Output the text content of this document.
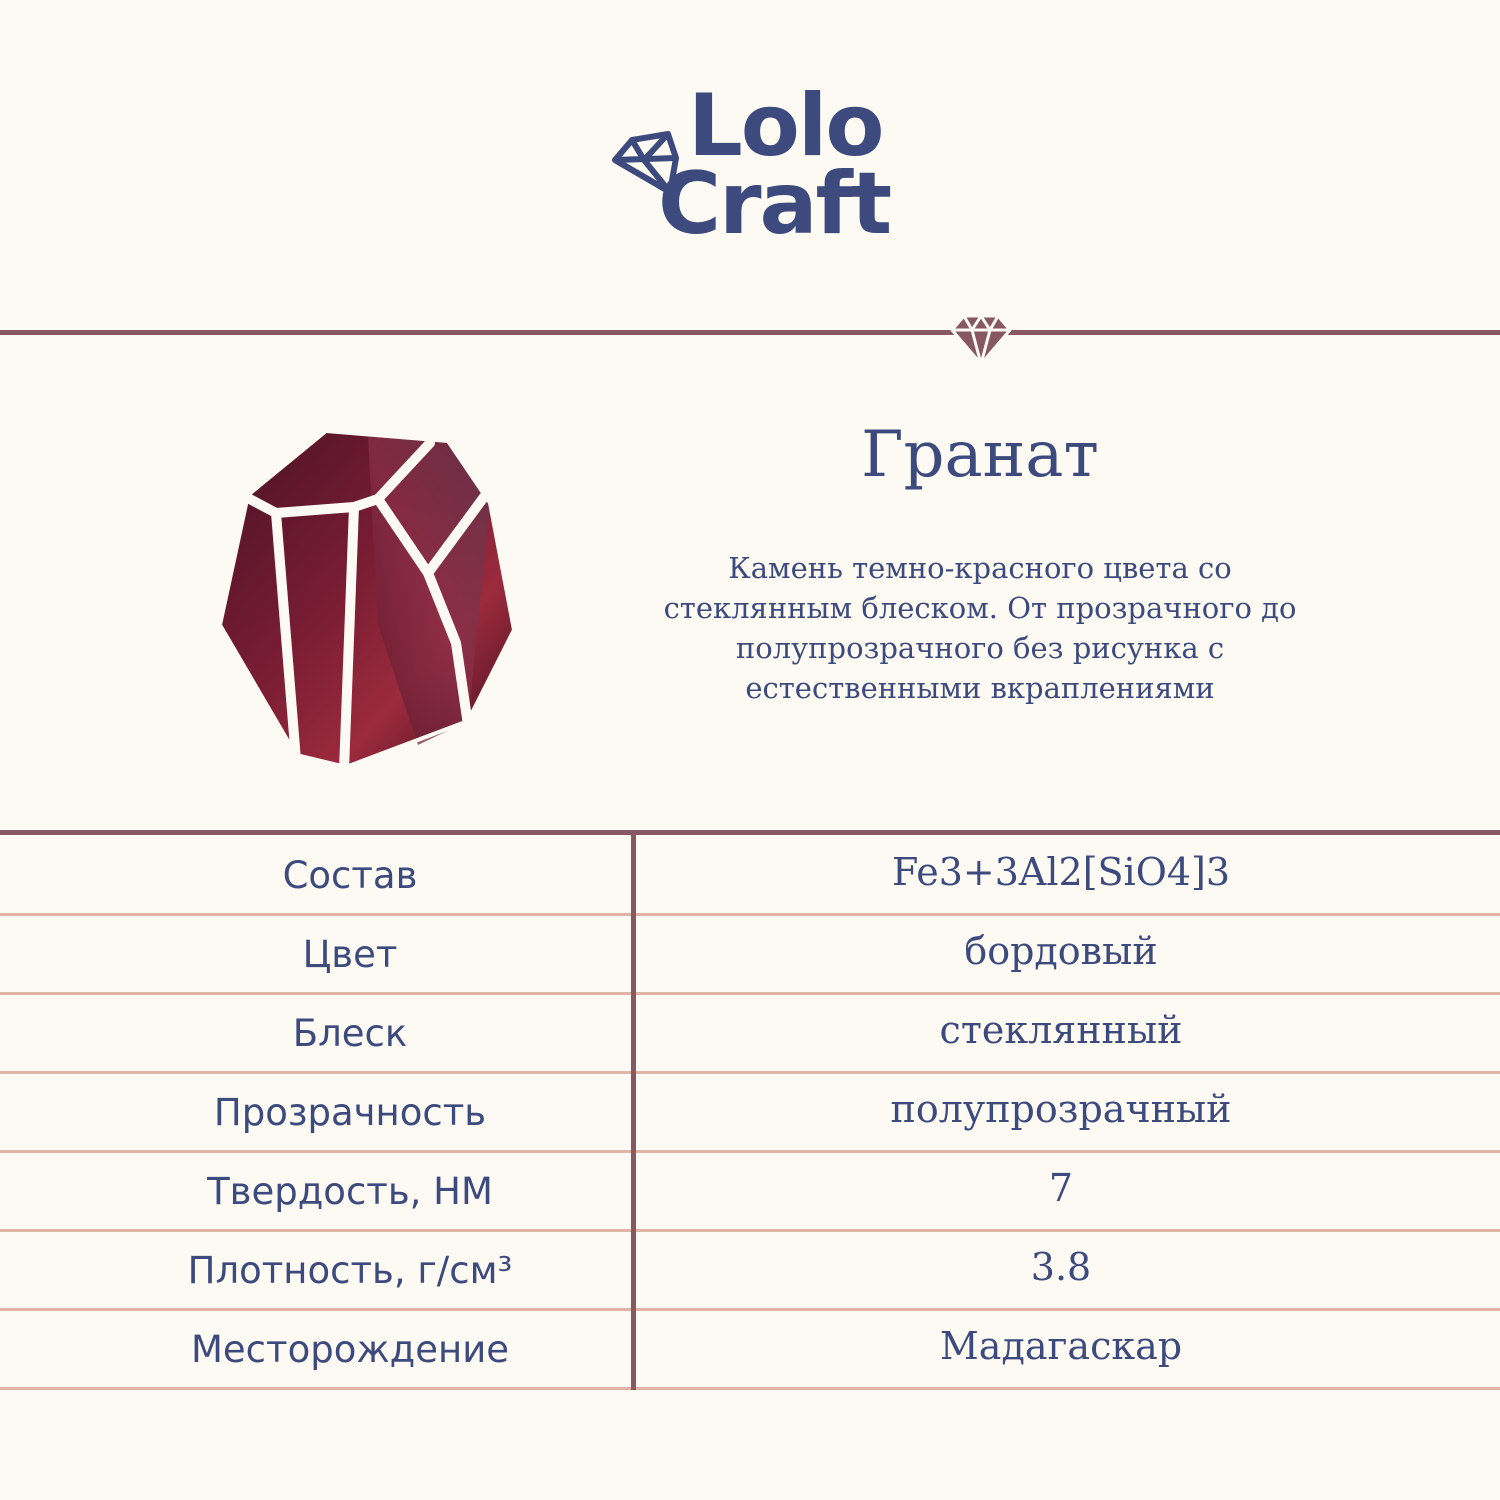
Lolo
Craft
Гранат
Камень темно-красного цвета со стеклянным блеском. От прозрачного до полупрозрачного без рисунка с естественными вкраплениями
Состав	Fe3+3Al2[SiO4]3
Цвет	бордовый
Блеск	стеклянный
Прозрачность	полупрозрачный
Твердость, НМ	7
Плотность, г/см³	3.8
Месторождение	Мадагаскар
